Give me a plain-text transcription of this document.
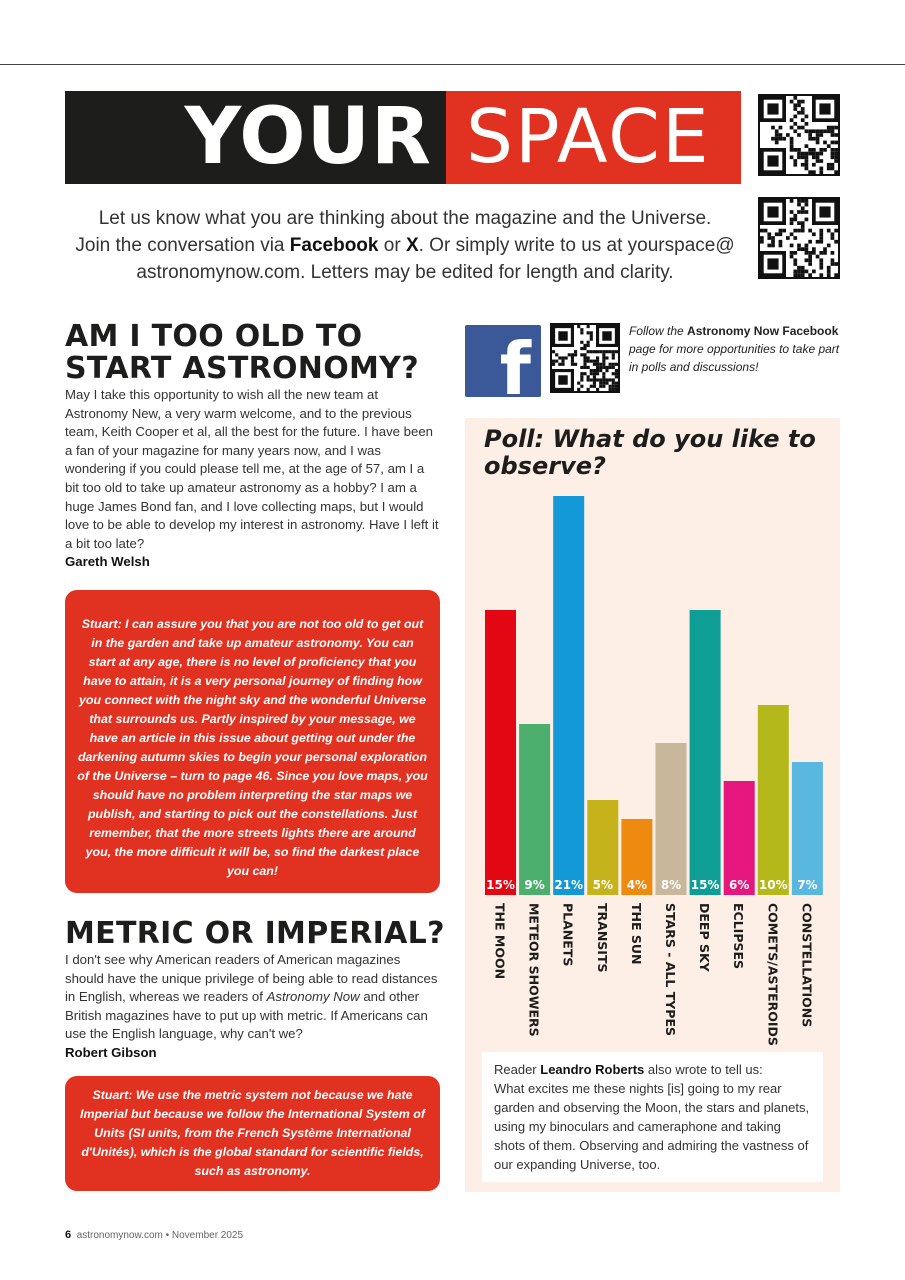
YOUR SPACE
Let us know what you are thinking about the magazine and the Universe.
Join the conversation via Facebook or X. Or simply write to us at yourspace@
astronomynow.com. Letters may be edited for length and clarity.
AM I TOO OLD TO
START ASTRONOMY?
May I take this opportunity to wish all the new team at Astronomy New, a very warm welcome, and to the previous team, Keith Cooper et al, all the best for the future. I have been a fan of your magazine for many years now, and I was wondering if you could please tell me, at the age of 57, am I a bit too old to take up amateur astronomy as a hobby? I am a huge James Bond fan, and I love collecting maps, but I would love to be able to develop my interest in astronomy. Have I left it a bit too late?
Gareth Welsh
Stuart: I can assure you that you are not too old to get out in the garden and take up amateur astronomy. You can start at any age, there is no level of proficiency that you have to attain, it is a very personal journey of finding how you connect with the night sky and the wonderful Universe that surrounds us. Partly inspired by your message, we have an article in this issue about getting out under the darkening autumn skies to begin your personal exploration of the Universe – turn to page 46. Since you love maps, you should have no problem interpreting the star maps we publish, and starting to pick out the constellations. Just remember, that the more streets lights there are around you, the more difficult it will be, so find the darkest place you can!
METRIC OR IMPERIAL?
I don't see why American readers of American magazines should have the unique privilege of being able to read distances in English, whereas we readers of Astronomy Now and other British magazines have to put up with metric. If Americans can use the English language, why can't we?
Robert Gibson
Stuart: We use the metric system not because we hate Imperial but because we follow the International System of Units (SI units, from the French Système International d'Unités), which is the global standard for scientific fields, such as astronomy.
f	Follow the Astronomy Now Facebook page for more opportunities to take part in polls and discussions!
Poll: What do you like to observe?
15%
THE MOON
9%
METEOR SHOWERS
21%
PLANETS
5%
TRANSITS
4%
THE SUN
8%
STARS - ALL TYPES
15%
DEEP SKY
6%
ECLIPSES
10%
COMETS/ASTEROIDS
7%
CONSTELLATIONS
Reader Leandro Roberts also wrote to tell us:
What excites me these nights [is] going to my rear garden and observing the Moon, the stars and planets, using my binoculars and cameraphone and taking shots of them. Observing and admiring the vastness of our expanding Universe, too.
6 astronomynow.com • November 2025
